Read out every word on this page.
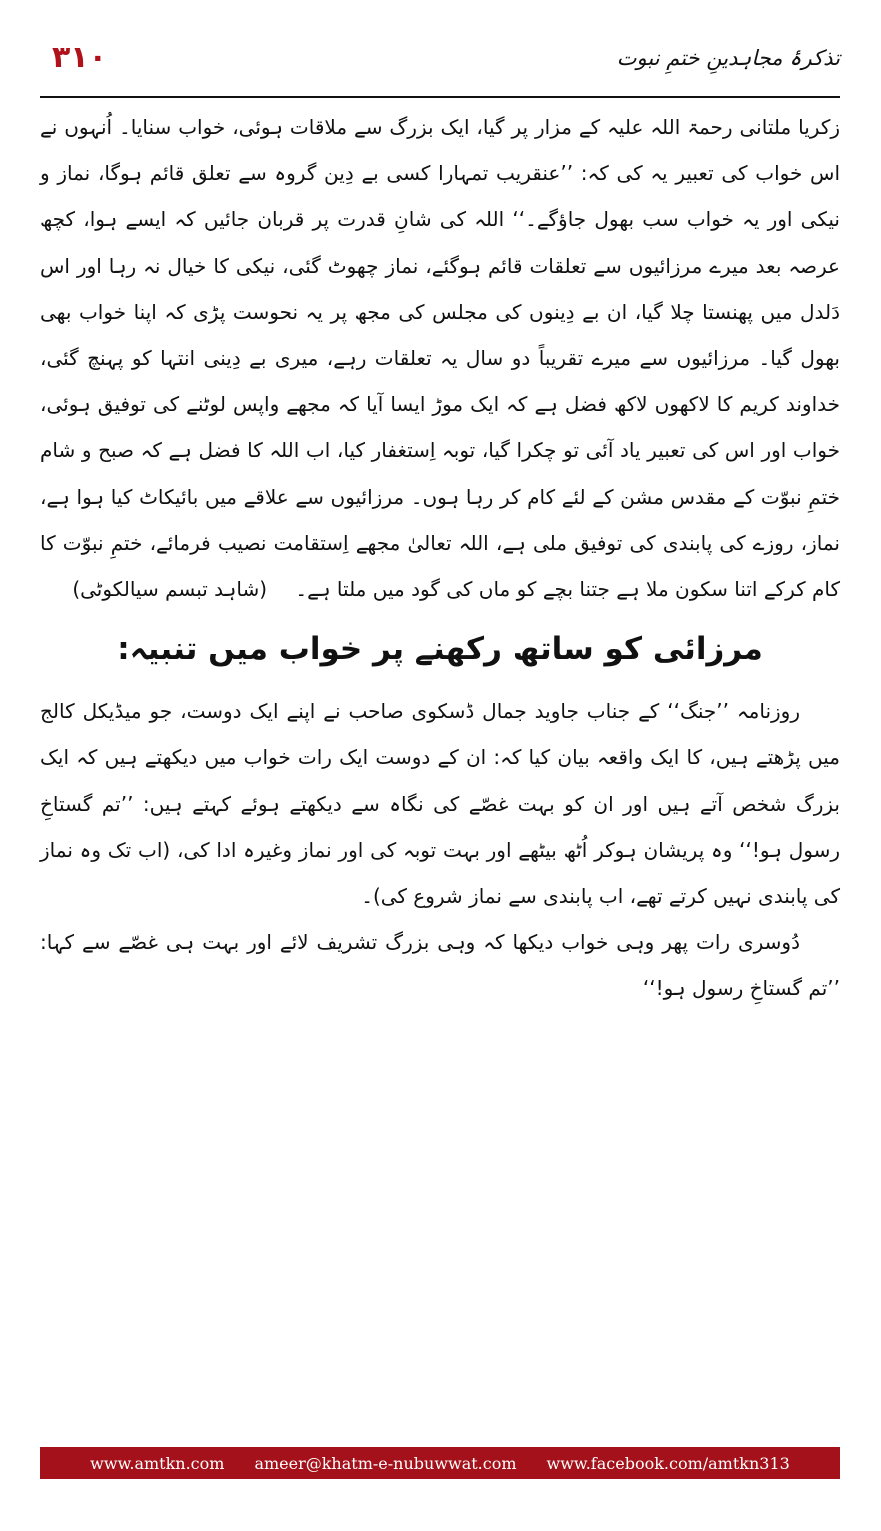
۳۱۰	تذکرۂ مجاہدینِ ختمِ نبوت

زکریا ملتانی رحمۃ اللہ علیہ کے مزار پر گیا، ایک بزرگ سے ملاقات ہوئی، خواب سنایا۔ اُنہوں نے اس خواب کی تعبیر یہ کی کہ: ’’عنقریب تمہارا کسی بے دِین گروہ سے تعلق قائم ہوگا، نماز و نیکی اور یہ خواب سب بھول جاؤگے۔‘‘ اللہ کی شانِ قدرت پر قربان جائیں کہ ایسے ہوا، کچھ عرصہ بعد میرے مرزائیوں سے تعلقات قائم ہوگئے، نماز چھوٹ گئی، نیکی کا خیال نہ رہا اور اس دَلدل میں پھنستا چلا گیا، ان بے دِینوں کی مجلس کی مجھ پر یہ نحوست پڑی کہ اپنا خواب بھی بھول گیا۔ مرزائیوں سے میرے تقریباً دو سال یہ تعلقات رہے، میری بے دِینی انتہا کو پہنچ گئی، خداوند کریم کا لاکھوں لاکھ فضل ہے کہ ایک موڑ ایسا آیا کہ مجھے واپس لوٹنے کی توفیق ہوئی، خواب اور اس کی تعبیر یاد آئی تو چکرا گیا، توبہ اِستغفار کیا، اب اللہ کا فضل ہے کہ صبح و شام ختمِ نبوّت کے مقدس مشن کے لئے کام کر رہا ہوں۔ مرزائیوں سے علاقے میں بائیکاٹ کیا ہوا ہے، نماز، روزے کی پابندی کی توفیق ملی ہے، اللہ تعالیٰ مجھے اِستقامت نصیب فرمائے، ختمِ نبوّت کا کام کرکے اتنا سکون ملا ہے جتنا بچے کو ماں کی گود میں ملتا ہے۔ (شاہد تبسم سیالکوٹی)

مرزائی کو ساتھ رکھنے پر خواب میں تنبیہ:

روزنامہ ’’جنگ‘‘ کے جناب جاوید جمال ڈسکوی صاحب نے اپنے ایک دوست، جو میڈیکل کالج میں پڑھتے ہیں، کا ایک واقعہ بیان کیا کہ: ان کے دوست ایک رات خواب میں دیکھتے ہیں کہ ایک بزرگ شخص آتے ہیں اور ان کو بہت غصّے کی نگاہ سے دیکھتے ہوئے کہتے ہیں: ’’تم گستاخِ رسول ہو!‘‘ وہ پریشان ہوکر اُٹھ بیٹھے اور بہت توبہ کی اور نماز وغیرہ ادا کی، (اب تک وہ نماز کی پابندی نہیں کرتے تھے، اب پابندی سے نماز شروع کی)۔

دُوسری رات پھر وہی خواب دیکھا کہ وہی بزرگ تشریف لائے اور بہت ہی غصّے سے کہا: ’’تم گستاخِ رسول ہو!‘‘

www.amtkn.com ameer@khatm-e-nubuwwat.com www.facebook.com/amtkn313
